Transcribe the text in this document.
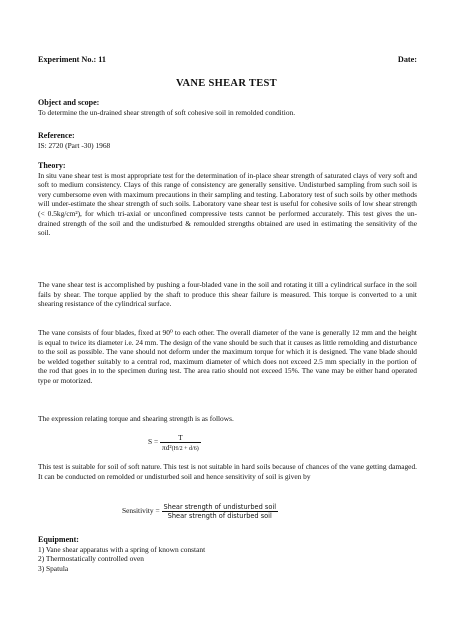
Experiment No.: 11	Date:
VANE SHEAR TEST
Object and scope:
To determine the un-drained shear strength of soft cohesive soil in remolded condition.
Reference:
IS: 2720 (Part -30) 1968
Theory:
In situ vane shear test is most appropriate test for the determination of in-place shear strength of saturated clays of very soft and soft to medium consistency. Clays of this range of consistency are generally sensitive. Undisturbed sampling from such soil is very cumbersome even with maximum precautions in their sampling and testing. Laboratory test of such soils by other methods will under-estimate the shear strength of such soils. Laboratory vane shear test is useful for cohesive soils of low shear strength (< 0.5kg/cm²), for which tri-axial or unconfined compressive tests cannot be performed accurately. This test gives the un-drained strength of the soil and the undisturbed & remoulded strengths obtained are used in estimating the sensitivity of the soil.
The vane shear test is accomplished by pushing a four-bladed vane in the soil and rotating it till a cylindrical surface in the soil fails by shear. The torque applied by the shaft to produce this shear failure is measured. This torque is converted to a unit shearing resistance of the cylindrical surface.
The vane consists of four blades, fixed at 90⁰ to each other. The overall diameter of the vane is generally 12 mm and the height is equal to twice its diameter i.e. 24 mm. The design of the vane should be such that it causes as little remolding and disturbance to the soil as possible. The vane should not deform under the maximum torque for which it is designed. The vane blade should be welded together suitably to a central rod, maximum diameter of which does not exceed 2.5 mm specially in the portion of the rod that goes in to the specimen during test. The area ratio should not exceed 15%. The vane may be either hand operated type or motorized.
The expression relating torque and shearing strength is as follows.
$S = \frac{T}{\text{πd²(H/2 + d/6)}}$
This test is suitable for soil of soft nature. This test is not suitable in hard soils because of chances of the vane getting damaged. It can be conducted on remolded or undisturbed soil and hence sensitivity of soil is given by
Sensitivity = $\frac{\text{Shear strength of undisturbed soil}}{\text{Shear strength of disturbed soil}}$
Equipment:
1) Vane shear apparatus with a spring of known constant
2) Thermostatically controlled oven
3) Spatula
